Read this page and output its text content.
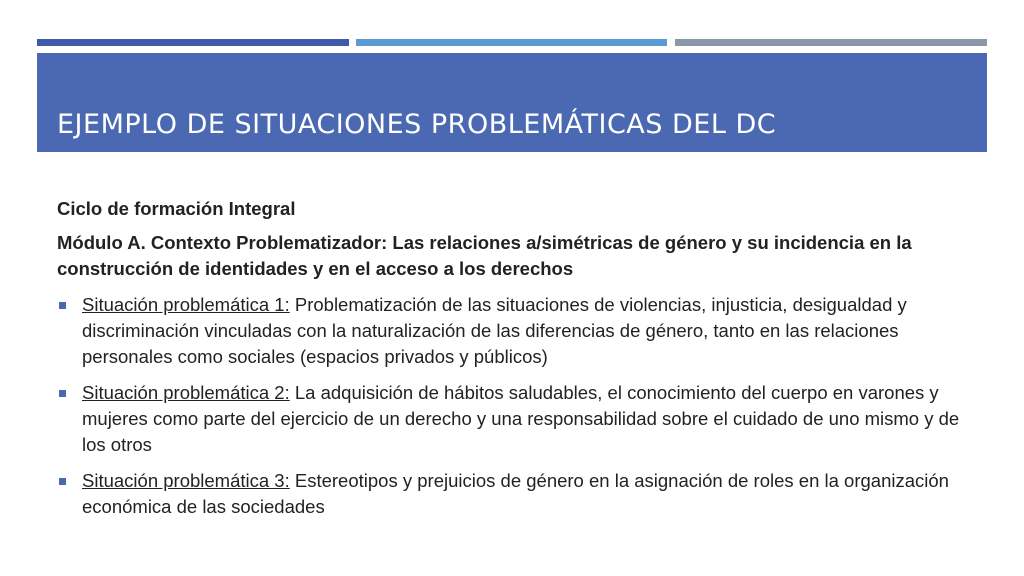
EJEMPLO DE SITUACIONES PROBLEMÁTICAS DEL DC

Ciclo de formación Integral

Módulo A. Contexto Problematizador: Las relaciones a/simétricas de género y su incidencia en la construcción de identidades y en el acceso a los derechos

Situación problemática 1: Problematización de las situaciones de violencias, injusticia, desigualdad y discriminación vinculadas con la naturalización de las diferencias de género, tanto en las relaciones personales como sociales (espacios privados y públicos)
Situación problemática 2: La adquisición de hábitos saludables, el conocimiento del cuerpo en varones y mujeres como parte del ejercicio de un derecho y una responsabilidad sobre el cuidado de uno mismo y de los otros
Situación problemática 3: Estereotipos y prejuicios de género en la asignación de roles en la organización económica de las sociedades
